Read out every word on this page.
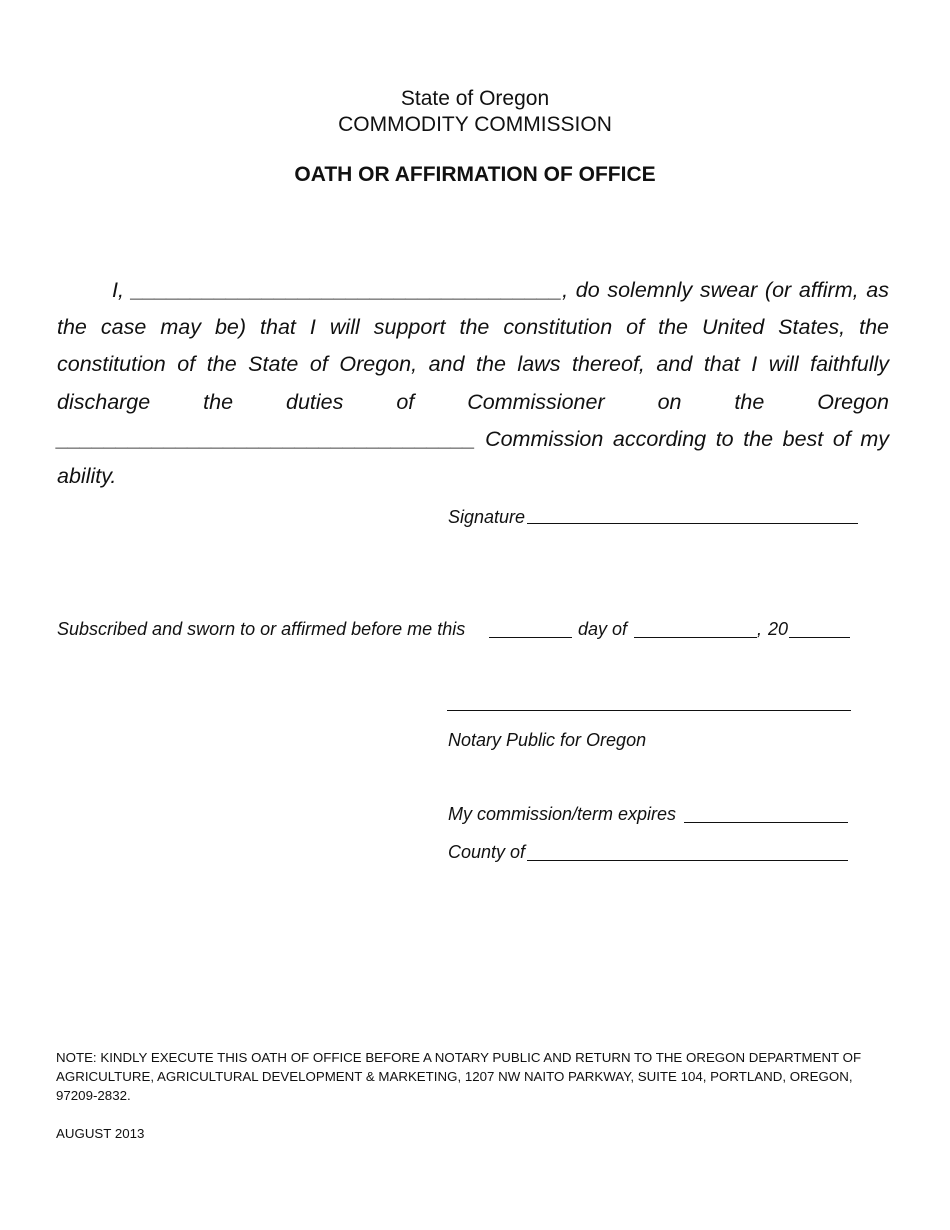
State of Oregon
COMMODITY COMMISSION
OATH OR AFFIRMATION OF OFFICE

I, ____________________________________, do solemnly swear (or affirm, as the case may be) that I will support the constitution of the United States, the constitution of the State of Oregon, and the laws thereof, and that I will faithfully discharge the duties of Commissioner on the Oregon ___________________________________ Commission according to the best of my ability.

Signature
Subscribed and sworn to or affirmed before me this	day of	, 20
Notary Public for Oregon
My commission/term expires
County of

NOTE: KINDLY EXECUTE THIS OATH OF OFFICE BEFORE A NOTARY PUBLIC AND RETURN TO THE OREGON DEPARTMENT OF AGRICULTURE, AGRICULTURAL DEVELOPMENT & MARKETING, 1207 NW NAITO PARKWAY, SUITE 104, PORTLAND, OREGON, 97209-2832.

AUGUST 2013
